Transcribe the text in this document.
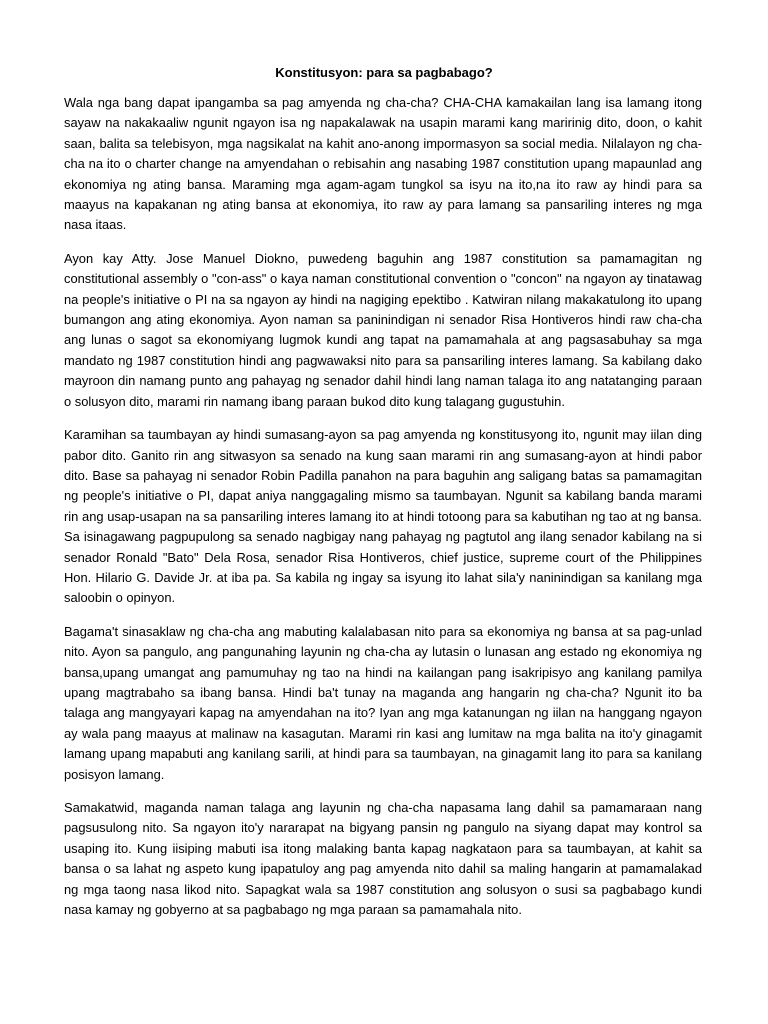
Konstitusyon: para sa pagbabago?

Wala nga bang dapat ipangamba sa pag amyenda ng cha-cha? CHA-CHA kamakailan lang isa lamang itong sayaw na nakakaaliw ngunit ngayon isa ng napakalawak na usapin marami kang maririnig dito, doon, o kahit saan, balita sa telebisyon, mga nagsikalat na kahit ano-anong impormasyon sa social media. Nilalayon ng cha-cha na ito o charter change na amyendahan o rebisahin ang nasabing 1987 constitution upang mapaunlad ang ekonomiya ng ating bansa. Maraming mga agam-agam tungkol sa isyu na ito,na ito raw ay hindi para sa maayus na kapakanan ng ating bansa at ekonomiya, ito raw ay para lamang sa pansariling interes ng mga nasa itaas.

Ayon kay Atty. Jose Manuel Diokno, puwedeng baguhin ang 1987 constitution sa pamamagitan ng constitutional assembly o "con-ass" o kaya naman constitutional convention o "concon" na ngayon ay tinatawag na people's initiative o PI na sa ngayon ay hindi na nagiging epektibo . Katwiran nilang makakatulong ito upang bumangon ang ating ekonomiya. Ayon naman sa paninindigan ni senador Risa Hontiveros hindi raw cha-cha ang lunas o sagot sa ekonomiyang lugmok kundi ang tapat na pamamahala at ang pagsasabuhay sa mga mandato ng 1987 constitution hindi ang pagwawaksi nito para sa pansariling interes lamang. Sa kabilang dako mayroon din namang punto ang pahayag ng senador dahil hindi lang naman talaga ito ang natatanging paraan o solusyon dito, marami rin namang ibang paraan bukod dito kung talagang gugustuhin.

Karamihan sa taumbayan ay hindi sumasang-ayon sa pag amyenda ng konstitusyong ito, ngunit may iilan ding pabor dito. Ganito rin ang sitwasyon sa senado na kung saan marami rin ang sumasang-ayon at hindi pabor dito. Base sa pahayag ni senador Robin Padilla panahon na para baguhin ang saligang batas sa pamamagitan ng people's initiative o PI, dapat aniya nanggagaling mismo sa taumbayan. Ngunit sa kabilang banda marami rin ang usap-usapan na sa pansariling interes lamang ito at hindi totoong para sa kabutihan ng tao at ng bansa. Sa isinagawang pagpupulong sa senado nagbigay nang pahayag ng pagtutol ang ilang senador kabilang na si senador Ronald "Bato" Dela Rosa, senador Risa Hontiveros, chief justice, supreme court of the Philippines Hon. Hilario G. Davide Jr. at iba pa. Sa kabila ng ingay sa isyung ito lahat sila'y naninindigan sa kanilang mga saloobin o opinyon.

Bagama't sinasaklaw ng cha-cha ang mabuting kalalabasan nito para sa ekonomiya ng bansa at sa pag-unlad nito. Ayon sa pangulo, ang pangunahing layunin ng cha-cha ay lutasin o lunasan ang estado ng ekonomiya ng bansa,upang umangat ang pamumuhay ng tao na hindi na kailangan pang isakripisyo ang kanilang pamilya upang magtrabaho sa ibang bansa. Hindi ba't tunay na maganda ang hangarin ng cha-cha? Ngunit ito ba talaga ang mangyayari kapag na amyendahan na ito? Iyan ang mga katanungan ng iilan na hanggang ngayon ay wala pang maayus at malinaw na kasagutan. Marami rin kasi ang lumitaw na mga balita na ito'y ginagamit lamang upang mapabuti ang kanilang sarili, at hindi para sa taumbayan, na ginagamit lang ito para sa kanilang posisyon lamang.

Samakatwid, maganda naman talaga ang layunin ng cha-cha napasama lang dahil sa pamamaraan nang pagsusulong nito. Sa ngayon ito'y nararapat na bigyang pansin ng pangulo na siyang dapat may kontrol sa usaping ito. Kung iisiping mabuti isa itong malaking banta kapag nagkataon para sa taumbayan, at kahit sa bansa o sa lahat ng aspeto kung ipapatuloy ang pag amyenda nito dahil sa maling hangarin at pamamalakad ng mga taong nasa likod nito. Sapagkat wala sa 1987 constitution ang solusyon o susi sa pagbabago kundi nasa kamay ng gobyerno at sa pagbabago ng mga paraan sa pamamahala nito.
